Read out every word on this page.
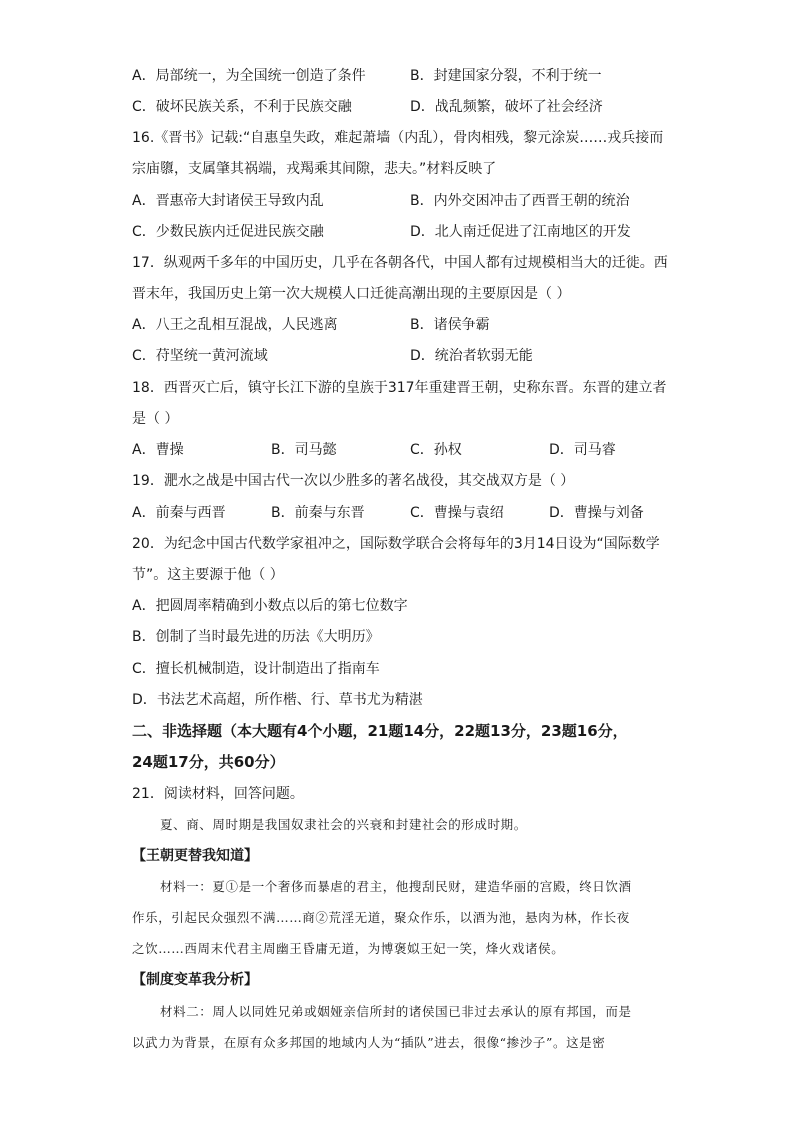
A．局部统一，为全国统一创造了条件	B．封建国家分裂，不利于统一
C．破坏民族关系，不利于民族交融	D．战乱频繁，破坏了社会经济
16.《晋书》记载:“自惠皇失政，难起萧墙（内乱），骨肉相残，黎元涂炭……戎兵接而
宗庙隳，支属肇其祸端，戎羯乘其间隙，悲夫。”材料反映了
A．晋惠帝大封诸侯王导致内乱	B．内外交困冲击了西晋王朝的统治
C．少数民族内迁促进民族交融	D．北人南迁促进了江南地区的开发
17．纵观两千多年的中国历史，几乎在各朝各代，中国人都有过规模相当大的迁徙。西
晋末年，我国历史上第一次大规模人口迁徙高潮出现的主要原因是（ ）
A．八王之乱相互混战，人民逃离	B．诸侯争霸
C．苻坚统一黄河流域	D．统治者软弱无能
18．西晋灭亡后，镇守长江下游的皇族于317年重建晋王朝，史称东晋。东晋的建立者
是（ ）
A．曹操	B．司马懿	C．孙权	D．司马睿
19．淝水之战是中国古代一次以少胜多的著名战役，其交战双方是（ ）
A．前秦与西晋	B．前秦与东晋	C．曹操与袁绍	D．曹操与刘备
20．为纪念中国古代数学家祖冲之，国际数学联合会将每年的3月14日设为“国际数学
节”。这主要源于他（ ）
A．把圆周率精确到小数点以后的第七位数字
B．创制了当时最先进的历法《大明历》
C．擅长机械制造，设计制造出了指南车
D．书法艺术高超，所作楷、行、草书尤为精湛
二、非选择题（本大题有4个小题，21题14分，22题13分，23题16分，
24题17分，共60分）
21．阅读材料，回答问题。
夏、商、周时期是我国奴隶社会的兴衰和封建社会的形成时期。
【王朝更替我知道】
材料一：夏①是一个奢侈而暴虐的君主，他搜刮民财，建造华丽的宫殿，终日饮酒
作乐，引起民众强烈不满……商②荒淫无道，聚众作乐，以酒为池，悬肉为林，作长夜
之饮……西周末代君主周幽王昏庸无道，为博褒姒王妃一笑，烽火戏诸侯。
【制度变革我分析】
材料二：周人以同姓兄弟或姻娅亲信所封的诸侯国已非过去承认的原有邦国，而是
以武力为背景，在原有众多邦国的地域内人为“插队”进去，很像“掺沙子”。这是密
